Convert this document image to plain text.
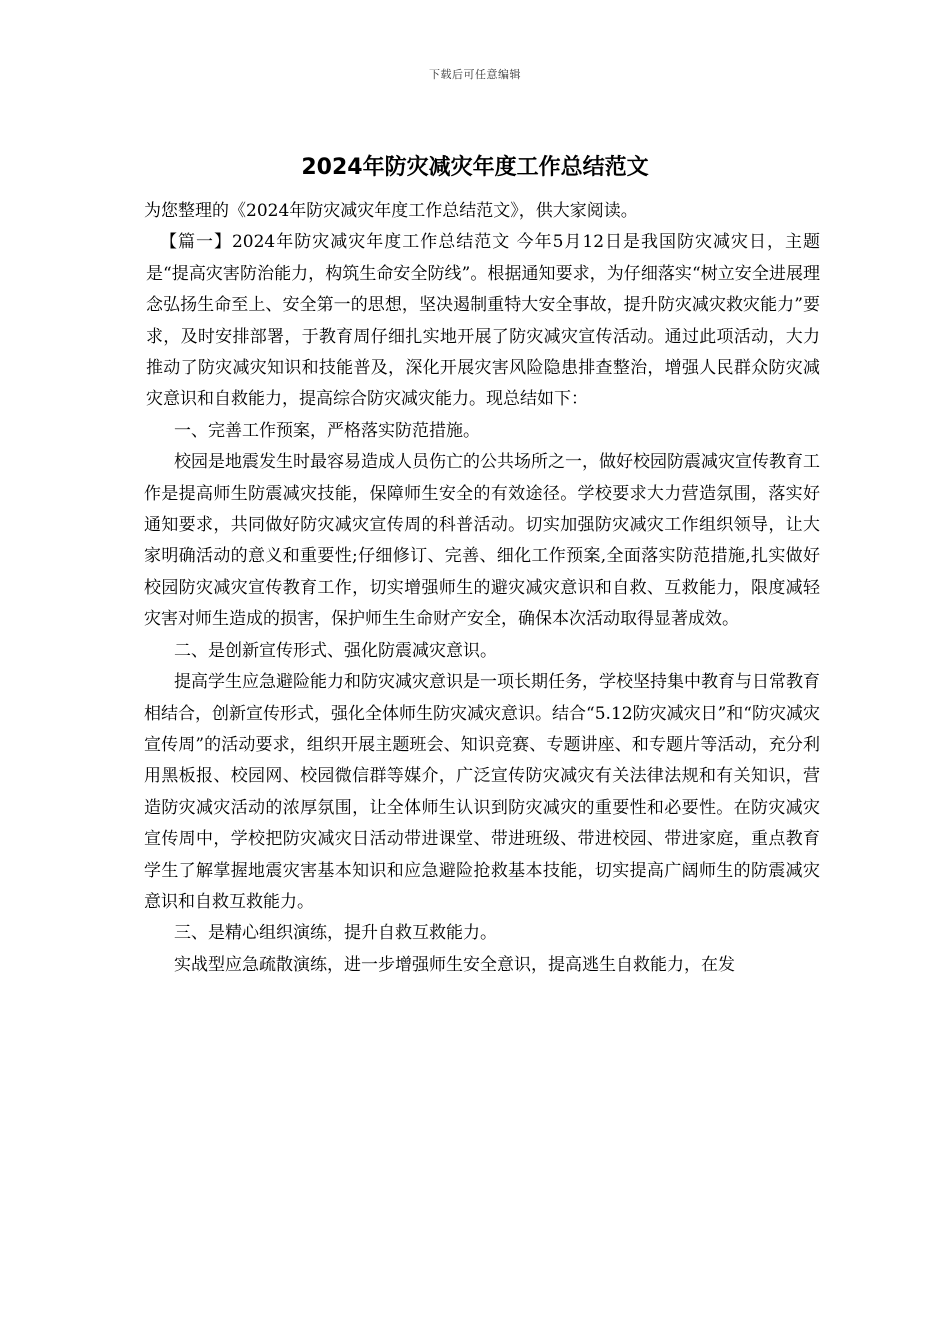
下载后可任意编辑
2024年防灾减灾年度工作总结范文

为您整理的《2024年防灾减灾年度工作总结范文》，供大家阅读。

【篇一】2024年防灾减灾年度工作总结范文 今年5月12日是我国防灾减灾日，主题是“提高灾害防治能力，构筑生命安全防线”。根据通知要求，为仔细落实“树立安全进展理念弘扬生命至上、安全第一的思想，坚决遏制重特大安全事故，提升防灾减灾救灾能力”要求，及时安排部署，于教育周仔细扎实地开展了防灾减灾宣传活动。通过此项活动，大力推动了防灾减灾知识和技能普及，深化开展灾害风险隐患排查整治，增强人民群众防灾减灾意识和自救能力，提高综合防灾减灾能力。现总结如下：

一、完善工作预案，严格落实防范措施。

校园是地震发生时最容易造成人员伤亡的公共场所之一，做好校园防震减灾宣传教育工作是提高师生防震减灾技能，保障师生安全的有效途径。学校要求大力营造氛围，落实好通知要求，共同做好防灾减灾宣传周的科普活动。切实加强防灾减灾工作组织领导，让大家明确活动的意义和重要性;仔细修订、完善、细化工作预案,全面落实防范措施,扎实做好校园防灾减灾宣传教育工作，切实增强师生的避灾减灾意识和自救、互救能力，限度减轻灾害对师生造成的损害，保护师生生命财产安全，确保本次活动取得显著成效。

二、是创新宣传形式、强化防震减灾意识。

提高学生应急避险能力和防灾减灾意识是一项长期任务，学校坚持集中教育与日常教育相结合，创新宣传形式，强化全体师生防灾减灾意识。结合“5.12防灾减灾日”和“防灾减灾宣传周”的活动要求，组织开展主题班会、知识竞赛、专题讲座、和专题片等活动，充分利用黑板报、校园网、校园微信群等媒介，广泛宣传防灾减灾有关法律法规和有关知识，营造防灾减灾活动的浓厚氛围，让全体师生认识到防灾减灾的重要性和必要性。在防灾减灾宣传周中，学校把防灾减灾日活动带进课堂、带进班级、带进校园、带进家庭，重点教育学生了解掌握地震灾害基本知识和应急避险抢救基本技能，切实提高广阔师生的防震减灾意识和自救互救能力。

三、是精心组织演练，提升自救互救能力。

实战型应急疏散演练，进一步增强师生安全意识，提高逃生自救能力，在发
